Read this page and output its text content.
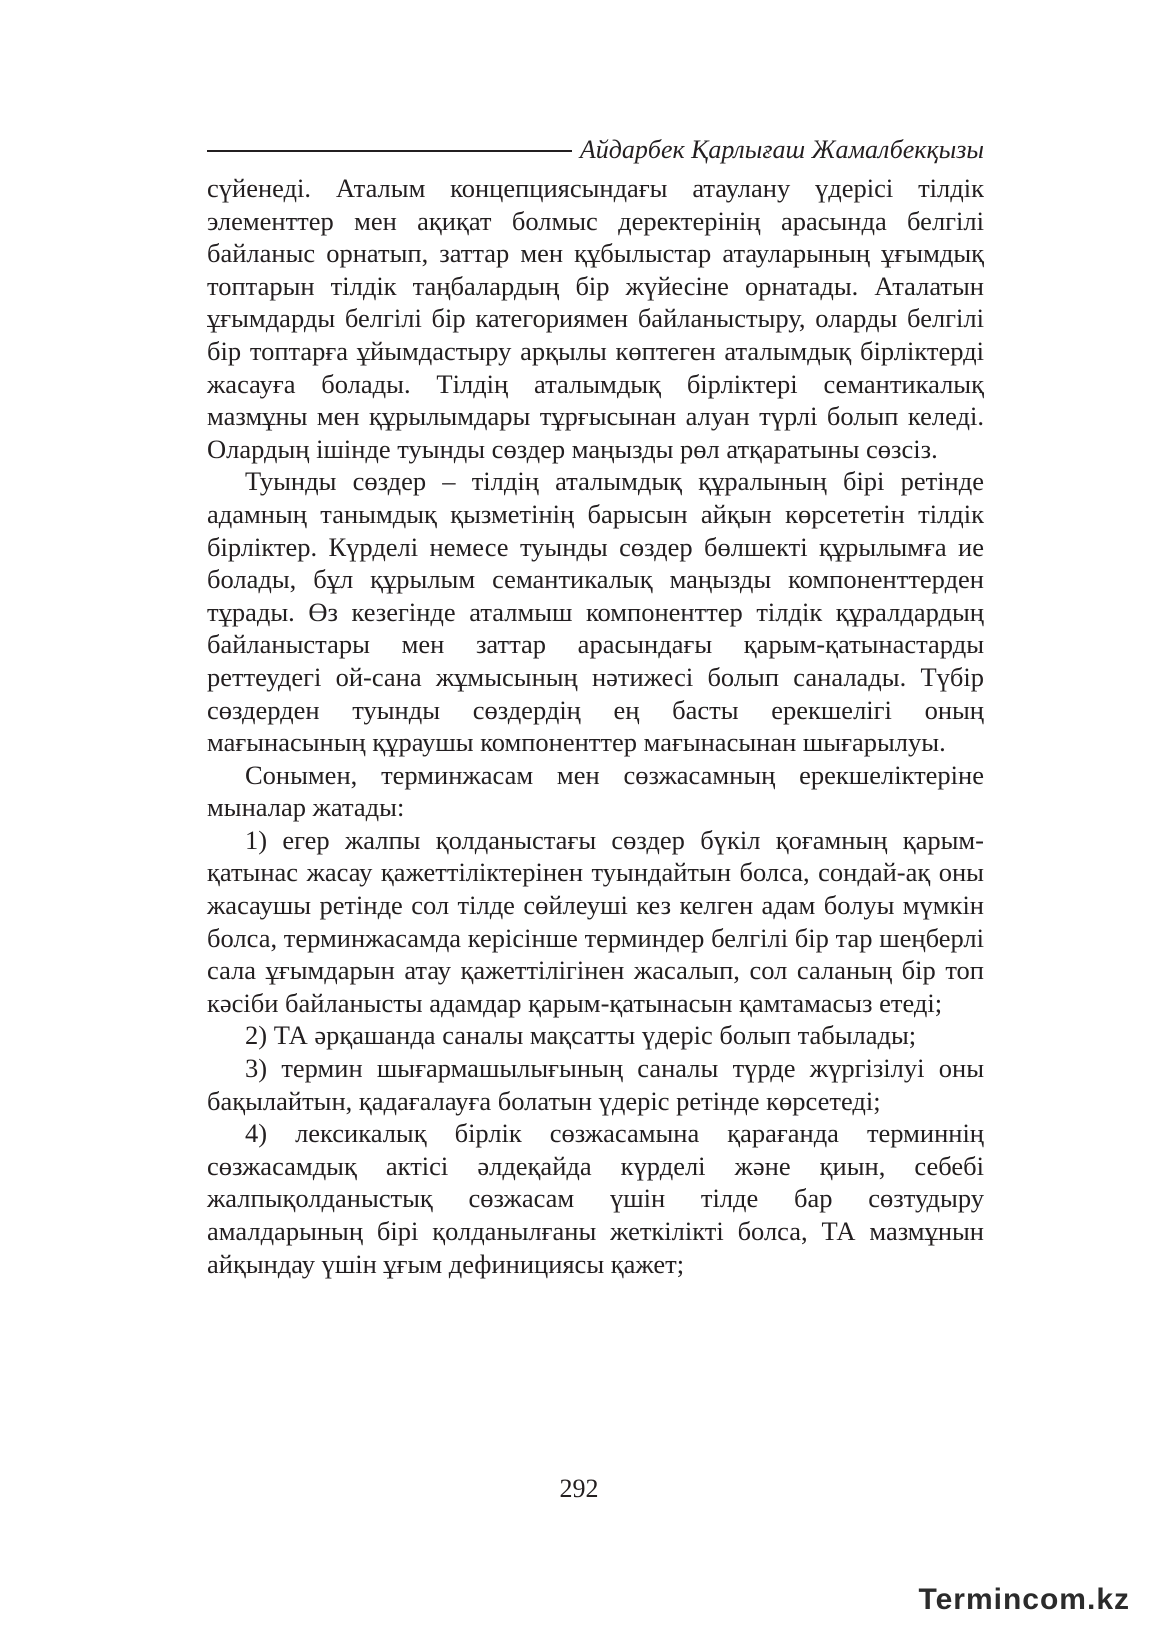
Айдарбек Қарлығаш Жамалбекқызы

сүйенеді. Аталым концепциясындағы атаулану үдерісі тілдік элементтер мен ақиқат болмыс деректерінің арасында белгілі байланыс орнатып, заттар мен құбылыстар атауларының ұғымдық топтарын тілдік таңбалардың бір жүйесіне орнатады. Аталатын ұғымдарды белгілі бір категориямен байланыстыру, оларды белгілі бір топтарға ұйымдастыру арқылы көптеген аталымдық бірліктерді жасауға болады. Тілдің аталымдық бірліктері семантикалық мазмұны мен құрылымдары тұрғысынан алуан түрлі болып келеді. Олардың ішінде туынды сөздер маңызды рөл атқаратыны сөзсіз.

Туынды сөздер – тілдің аталымдық құралының бірі ретінде адамның танымдық қызметінің барысын айқын көрсететін тілдік бірліктер. Күрделі немесе туынды сөздер бөлшекті құрылымға ие болады, бұл құрылым семантикалық маңызды компоненттерден тұрады. Өз кезегінде аталмыш компоненттер тілдік құралдардың байланыстары мен заттар арасындағы қарым-қатынастарды реттеудегі ой-сана жұмысының нәтижесі болып саналады. Түбір сөздерден туынды сөздердің ең басты ерекшелігі оның мағынасының құраушы компоненттер мағынасынан шығарылуы.

Сонымен, терминжасам мен сөзжасамның ерекшеліктеріне мыналар жатады:

1) егер жалпы қолданыстағы сөздер бүкіл қоғамның қарым-қатынас жасау қажеттіліктерінен туындайтын болса, сондай-ақ оны жасаушы ретінде сол тілде сөйлеуші кез келген адам болуы мүмкін болса, терминжасамда керісінше терминдер белгілі бір тар шеңберлі сала ұғымдарын атау қажеттілігінен жасалып, сол саланың бір топ кәсіби байланысты адамдар қарым-қатынасын қамтамасыз етеді;

2) ТА әрқашанда саналы мақсатты үдеріс болып табылады;

3) термин шығармашылығының саналы түрде жүргізілуі оны бақылайтын, қадағалауға болатын үдеріс ретінде көрсетеді;

4) лексикалық бірлік сөзжасамына қарағанда терминнің сөзжасамдық актісі әлдеқайда күрделі және қиын, себебі жалпықолданыстық сөзжасам үшін тілде бар сөзтудыру амалдарының бірі қолданылғаны жеткілікті болса, ТА мазмұнын айқындау үшін ұғым дефинициясы қажет;

292
Termincom.kz
